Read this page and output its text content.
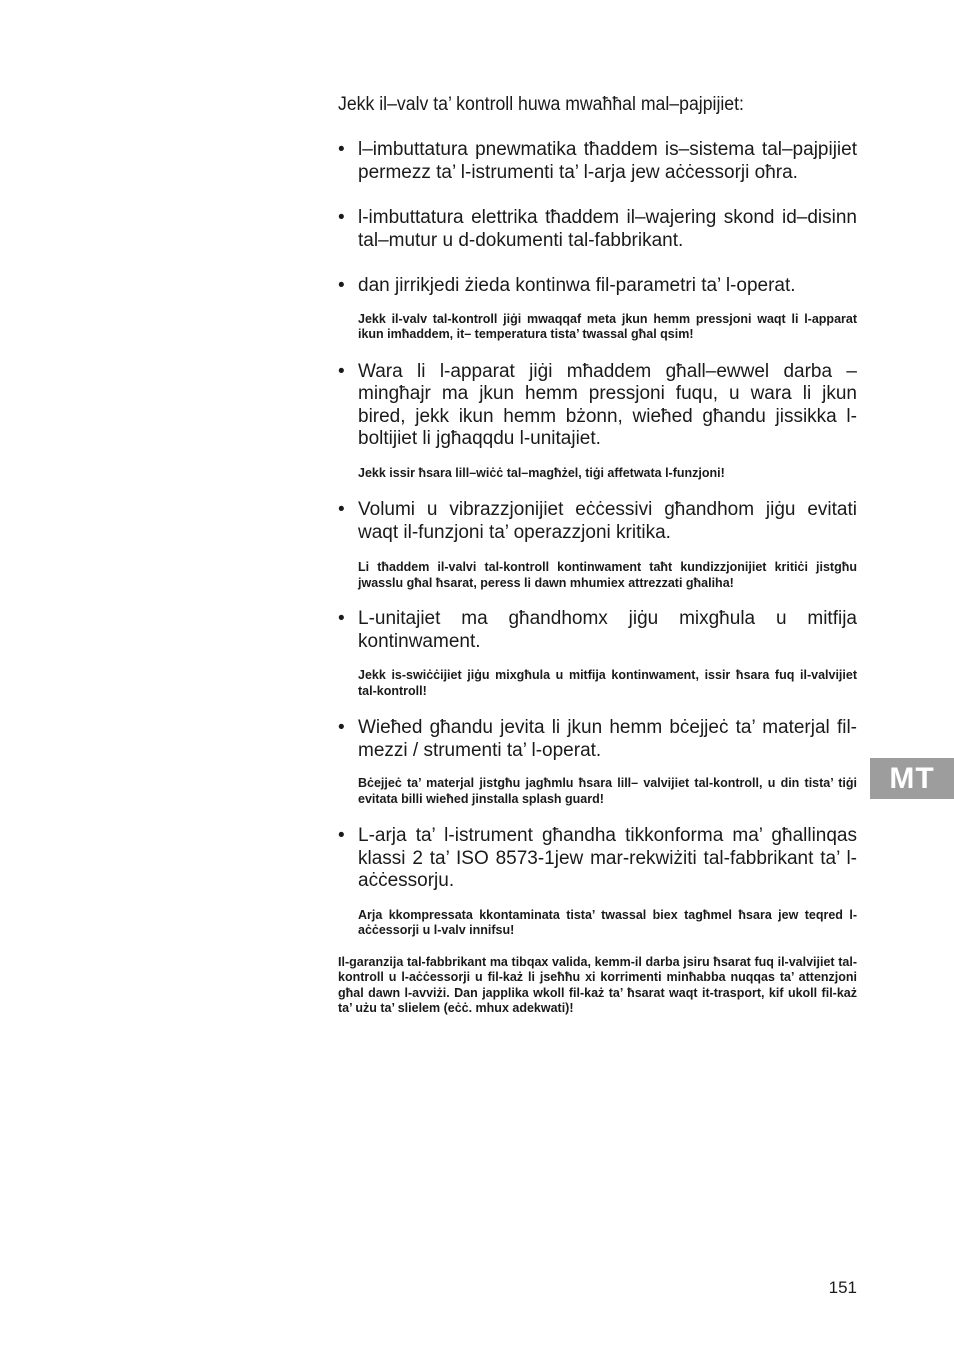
Jekk il–valv ta’ kontroll huwa mwaħħal mal–pajpijiet:

• l–imbuttatura pnewmatika tħaddem is–sistema tal–pajpijiet permezz ta’ l-istrumenti ta’ l-arja jew aċċessorji oħra.

• l-imbuttatura elettrika tħaddem il–wajering skond id–disinn tal–mutur u d-dokumenti tal-fabbrikant.

• dan jirrikjedi żieda kontinwa fil-parametri ta’ l-operat.

Jekk il-valv tal-kontroll jiġi mwaqqaf meta jkun hemm pressjoni waqt li l-apparat ikun imħaddem, it– temperatura tista’ twassal għal qsim!

• Wara li l-apparat jiġi mħaddem għall–ewwel darba – mingħajr ma jkun hemm pressjoni fuqu, u wara li jkun bired, jekk ikun hemm bżonn, wieħed għandu jissikka l-boltijiet li jgħaqqdu l-unitajiet.

Jekk issir ħsara lill–wiċċ tal–magħżel, tiġi affetwata l-funzjoni!

• Volumi u vibrazzjonijiet eċċessivi għandhom jiġu evitati waqt il-funzjoni ta’ operazzjoni kritika.

Li tħaddem il-valvi tal-kontroll kontinwament taħt kundizzjonijiet kritiċi jistgħu jwasslu għal ħsarat, peress li dawn mhumiex attrezzati għaliha!

• L-unitajiet ma għandhomx jiġu mixgħula u mitfija kontinwament.

Jekk is-swiċċijiet jiġu mixgħula u mitfija kontinwament, issir ħsara fuq il-valvijiet tal-kontroll!

• Wieħed għandu jevita li jkun hemm bċejjeċ ta’ materjal fil-mezzi / strumenti ta’ l-operat.

Bċejjeċ ta’ materjal jistgħu jagħmlu ħsara lill– valvijiet tal-kontroll, u din tista’ tiġi evitata billi wieħed jinstalla splash guard!

• L-arja ta’ l-istrument għandha tikkonforma ma’ għallinqas klassi 2 ta’ ISO 8573-1jew mar-rekwiżiti tal-fabbrikant ta’ l-aċċessorju.

Arja kkompressata kkontaminata tista’ twassal biex tagħmel ħsara jew teqred l-aċċessorji u l-valv innifsu!

Il-garanzija tal-fabbrikant ma tibqax valida, kemm-il darba jsiru ħsarat fuq il-valvijiet tal-kontroll u l-aċċessorji u fil-każ li jseħħu xi korrimenti minħabba nuqqas ta’ attenzjoni għal dawn l-avviżi. Dan japplika wkoll fil-każ ta’ ħsarat waqt it-trasport, kif ukoll fil-każ ta’ użu ta’ slielem (eċċ. mhux adekwati)!

MT
151
